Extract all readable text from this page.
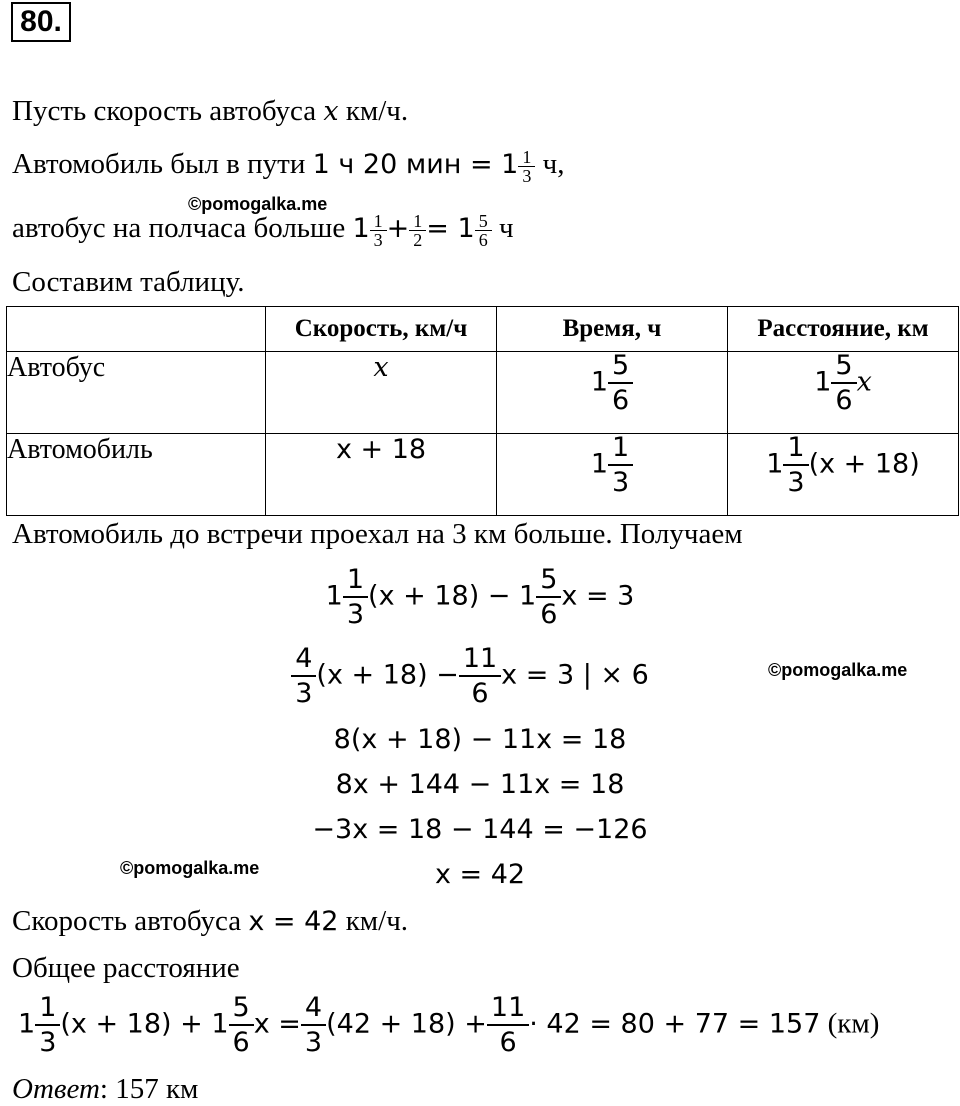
80.
Пусть скорость автобуса x км/ч.
Автомобиль был в пути 1 ч 20 мин = $1 \frac{1}{3} ч$,
©pomogalka.me
автобус на полчаса больше $1 \frac{1}{3} + \frac{1}{2} = 1 \frac{5}{6}$ ч
Составим таблицу.
	Скорость, км/ч	Время, ч	Расстояние, км
Автобус	x	$1 \frac{5}{6}$	$1 \frac{5}{6}$ x
Автомобиль	x + 18	$1 \frac{1}{3}$	$1 \frac{1}{3} (x + 18)$
Автомобиль до встречи проехал на 3 км больше. Получаем
$1 \frac{1}{3} (x + 18) - 1 \frac{5}{6}$ x = 3
$\frac{4}{3} (x + 18) - \frac{11}{6}$ x = 3 | × 6	©pomogalka.me
8(x + 18) − 11x = 18
8x + 144 − 11x = 18
−3x = 18 − 144 = −126
©pomogalka.me	x = 42
Скорость автобуса x = 42 км/ч.
Общее расстояние
$1 \frac{1}{3} (x + 18) + 1 \frac{5}{6}$ $x = \frac{4}{3} (42 + 18) + \frac{11}{6} \cdot 42 = 80 + 77 = 157$ (км)
Ответ: 157 км
